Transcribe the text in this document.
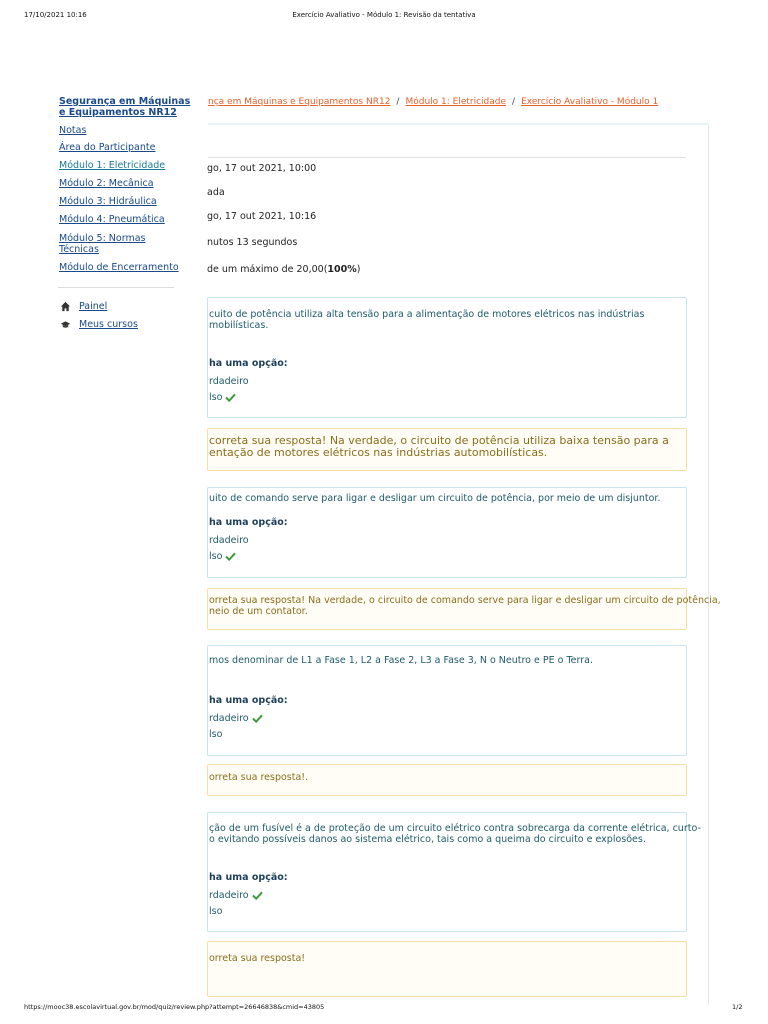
17/10/2021 10:16	Exercício Avaliativo - Módulo 1: Revisão da tentativa
Segurança em Máquinas
e Equipamentos NR12
Notas
Área do Participante
Módulo 1: Eletricidade
Módulo 2: Mecânica
Módulo 3: Hidráulica
Módulo 4: Pneumática
Módulo 5: Normas
Técnicas
Módulo de Encerramento
Painel
Meus cursos
nça em Máquinas e Equipamentos NR12 / Módulo 1: Eletricidade / Exercício Avaliativo - Módulo 1
go, 17 out 2021, 10:00
ada
go, 17 out 2021, 10:16
nutos 13 segundos
de um máximo de 20,00(100%)
cuito de potência utiliza alta tensão para a alimentação de motores elétricos nas indústrias
mobilísticas.
ha uma opção:
rdadeiro
lso
correta sua resposta! Na verdade, o circuito de potência utiliza baixa tensão para a
entação de motores elétricos nas indústrias automobilísticas.
uito de comando serve para ligar e desligar um circuito de potência, por meio de um disjuntor.
ha uma opção:
rdadeiro
lso
orreta sua resposta! Na verdade, o circuito de comando serve para ligar e desligar um circuito de potência,
neio de um contator.
mos denominar de L1 a Fase 1, L2 a Fase 2, L3 a Fase 3, N o Neutro e PE o Terra.
ha uma opção:
rdadeiro
lso
orreta sua resposta!.
ção de um fusível é a de proteção de um circuito elétrico contra sobrecarga da corrente elétrica, curto-
o evitando possíveis danos ao sistema elétrico, tais como a queima do circuito e explosões.
ha uma opção:
rdadeiro
lso
orreta sua resposta!
https://mooc38.escolavirtual.gov.br/mod/quiz/review.php?attempt=26646838&cmid=43805	1/2
